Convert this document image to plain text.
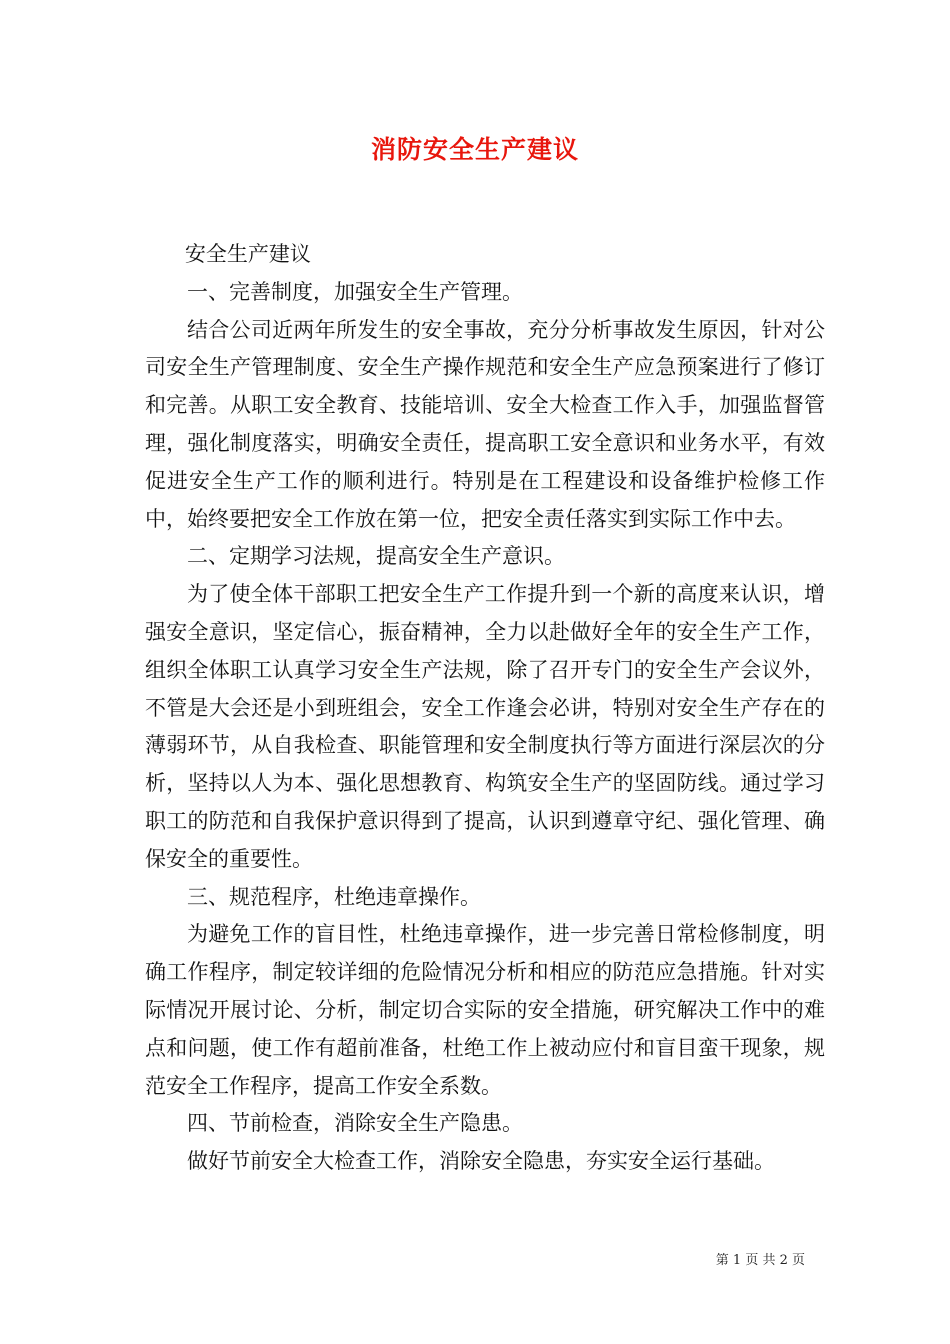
消防安全生产建议

安全生产建议

一、完善制度，加强安全生产管理。

结合公司近两年所发生的安全事故，充分分析事故发生原因，针对公司安全生产管理制度、安全生产操作规范和安全生产应急预案进行了修订和完善。从职工安全教育、技能培训、安全大检查工作入手，加强监督管理，强化制度落实，明确安全责任，提高职工安全意识和业务水平，有效促进安全生产工作的顺利进行。特别是在工程建设和设备维护检修工作中，始终要把安全工作放在第一位，把安全责任落实到实际工作中去。

二、定期学习法规，提高安全生产意识。

为了使全体干部职工把安全生产工作提升到一个新的高度来认识，增强安全意识，坚定信心，振奋精神，全力以赴做好全年的安全生产工作，组织全体职工认真学习安全生产法规，除了召开专门的安全生产会议外，不管是大会还是小到班组会，安全工作逢会必讲，特别对安全生产存在的薄弱环节，从自我检查、职能管理和安全制度执行等方面进行深层次的分析，坚持以人为本、强化思想教育、构筑安全生产的坚固防线。通过学习职工的防范和自我保护意识得到了提高，认识到遵章守纪、强化管理、确保安全的重要性。

三、规范程序，杜绝违章操作。

为避免工作的盲目性，杜绝违章操作，进一步完善日常检修制度，明确工作程序，制定较详细的危险情况分析和相应的防范应急措施。针对实际情况开展讨论、分析，制定切合实际的安全措施，研究解决工作中的难点和问题，使工作有超前准备，杜绝工作上被动应付和盲目蛮干现象，规范安全工作程序，提高工作安全系数。

四、节前检查，消除安全生产隐患。

做好节前安全大检查工作，消除安全隐患，夯实安全运行基础。

第 1 页 共 2 页
